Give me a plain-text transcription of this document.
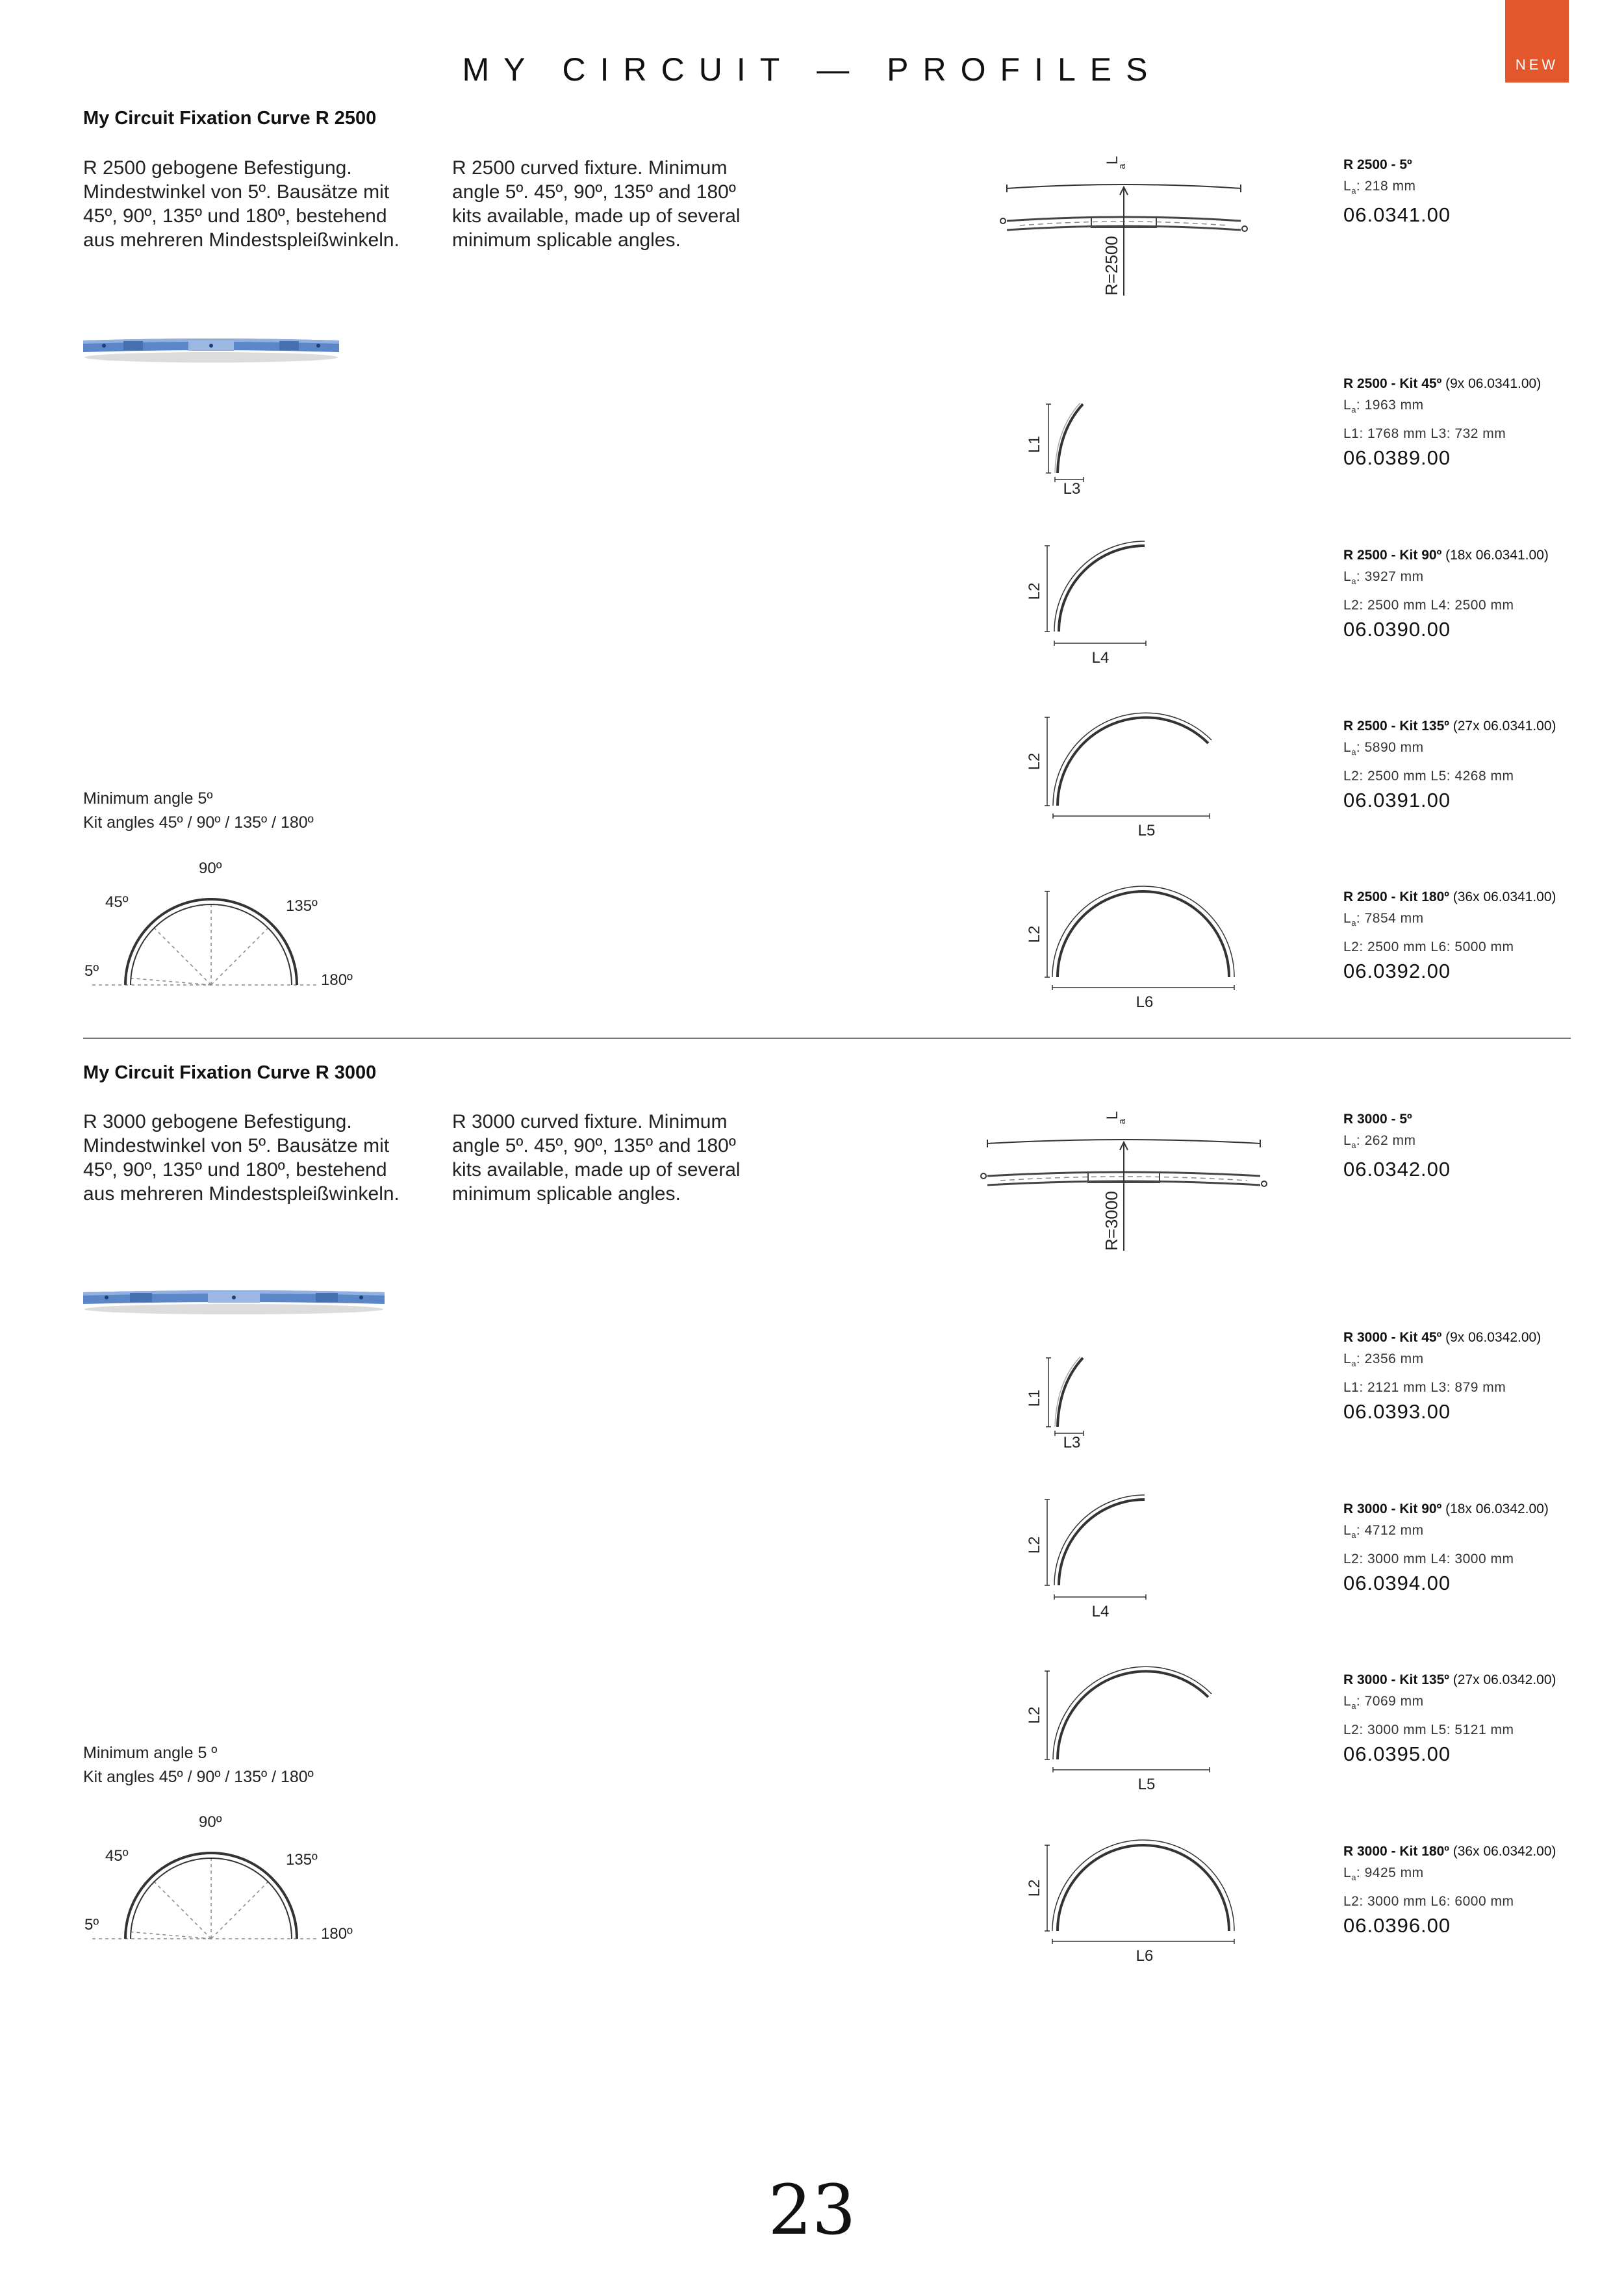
MY CIRCUIT — PROFILES	NEW
My Circuit Fixation Curve R 2500
R 2500 gebogene Befestigung.
Mindestwinkel von 5º. Bausätze mit
45º, 90º, 135º und 180º, bestehend
aus mehreren Mindestspleißwinkeln.
R 2500 curved fixture. Minimum
angle 5º. 45º, 90º, 135º and 180º
kits available, made up of several
minimum splicable angles.
Minimum angle 5º
Kit angles 45º / 90º / 135º / 180º
90º
45º	135º
5º
180º
L
a
R=2500
L1
L3
L2
L4
L2
L5
L2
L6
R 2500 - 5º
$L_a$: 218 mm
06.0341.00
R 2500 - Kit 45º (9x 06.0341.00)
$L_a$: 1963 mm
L1: 1768 mm L3: 732 mm
06.0389.00
R 2500 - Kit 90º (18x 06.0341.00)
$L_a$: 3927 mm
L2: 2500 mm L4: 2500 mm
06.0390.00
R 2500 - Kit 135º (27x 06.0341.00)
$L_a$: 5890 mm
L2: 2500 mm L5: 4268 mm
06.0391.00
R 2500 - Kit 180º (36x 06.0341.00)
$L_a$: 7854 mm
L2: 2500 mm L6: 5000 mm
06.0392.00
My Circuit Fixation Curve R 3000
R 3000 gebogene Befestigung.
Mindestwinkel von 5º. Bausätze mit
45º, 90º, 135º und 180º, bestehend
aus mehreren Mindestspleißwinkeln.
R 3000 curved fixture. Minimum
angle 5º. 45º, 90º, 135º and 180º
kits available, made up of several
minimum splicable angles.
Minimum angle 5 º
Kit angles 45º / 90º / 135º / 180º
90º
45º	135º
5º
180º
L
a
R=3000
L1
L3
L2
L4
L2
L5
L2
L6
R 3000 - 5º
$L_a$: 262 mm
06.0342.00
R 3000 - Kit 45º (9x 06.0342.00)
$L_a$: 2356 mm
L1: 2121 mm L3: 879 mm
06.0393.00
R 3000 - Kit 90º (18x 06.0342.00)
$L_a$: 4712 mm
L2: 3000 mm L4: 3000 mm
06.0394.00
R 3000 - Kit 135º (27x 06.0342.00)
$L_a$: 7069 mm
L2: 3000 mm L5: 5121 mm
06.0395.00
R 3000 - Kit 180º (36x 06.0342.00)
$L_a$: 9425 mm
L2: 3000 mm L6: 6000 mm
06.0396.00
23
